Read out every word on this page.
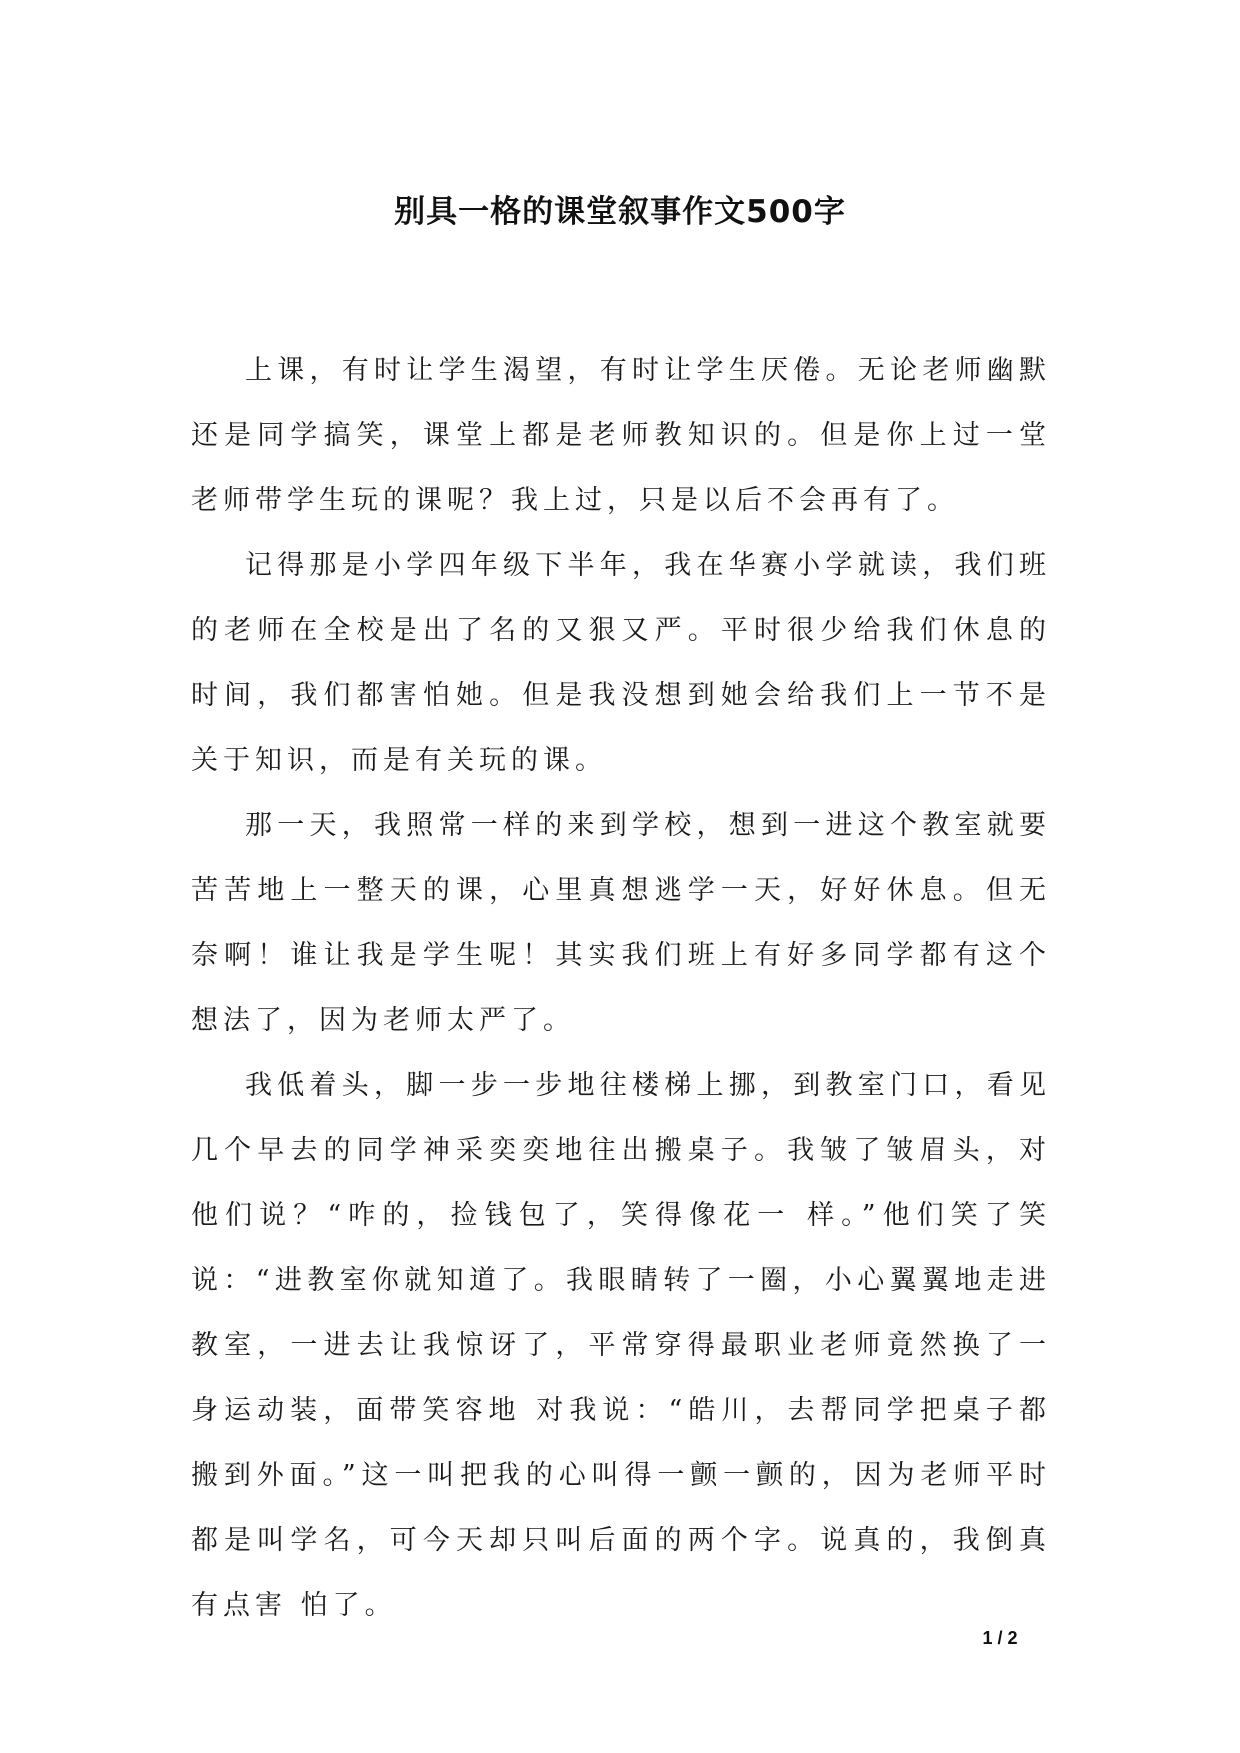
别具一格的课堂叙事作文500字

上课，有时让学生渴望，有时让学生厌倦。无论老师幽默还是同学搞笑，课堂上都是老师教知识的。但是你上过一堂老师带学生玩的课呢？我上过，只是以后不会再有了。

记得那是小学四年级下半年，我在华赛小学就读，我们班的老师在全校是出了名的又狠又严。平时很少给我们休息的时间，我们都害怕她。但是我没想到她会给我们上一节不是关于知识，而是有关玩的课。

那一天，我照常一样的来到学校，想到一进这个教室就要苦苦地上一整天的课，心里真想逃学一天，好好休息。但无奈啊！谁让我是学生呢！其实我们班上有好多同学都有这个想法了，因为老师太严了。

我低着头，脚一步一步地往楼梯上挪，到教室门口，看见几个早去的同学神采奕奕地往出搬桌子。我皱了皱眉头，对他们说？“咋的，捡钱包了，笑得像花一 样。”他们笑了笑说：“进教室你就知道了。我眼睛转了一圈，小心翼翼地走进教室，一进去让我惊讶了，平常穿得最职业老师竟然换了一身运动装，面带笑容地 对我说：“皓川，去帮同学把桌子都搬到外面。”这一叫把我的心叫得一颤一颤的，因为老师平时都是叫学名，可今天却只叫后面的两个字。说真的，我倒真有点害 怕了。

1 / 2
